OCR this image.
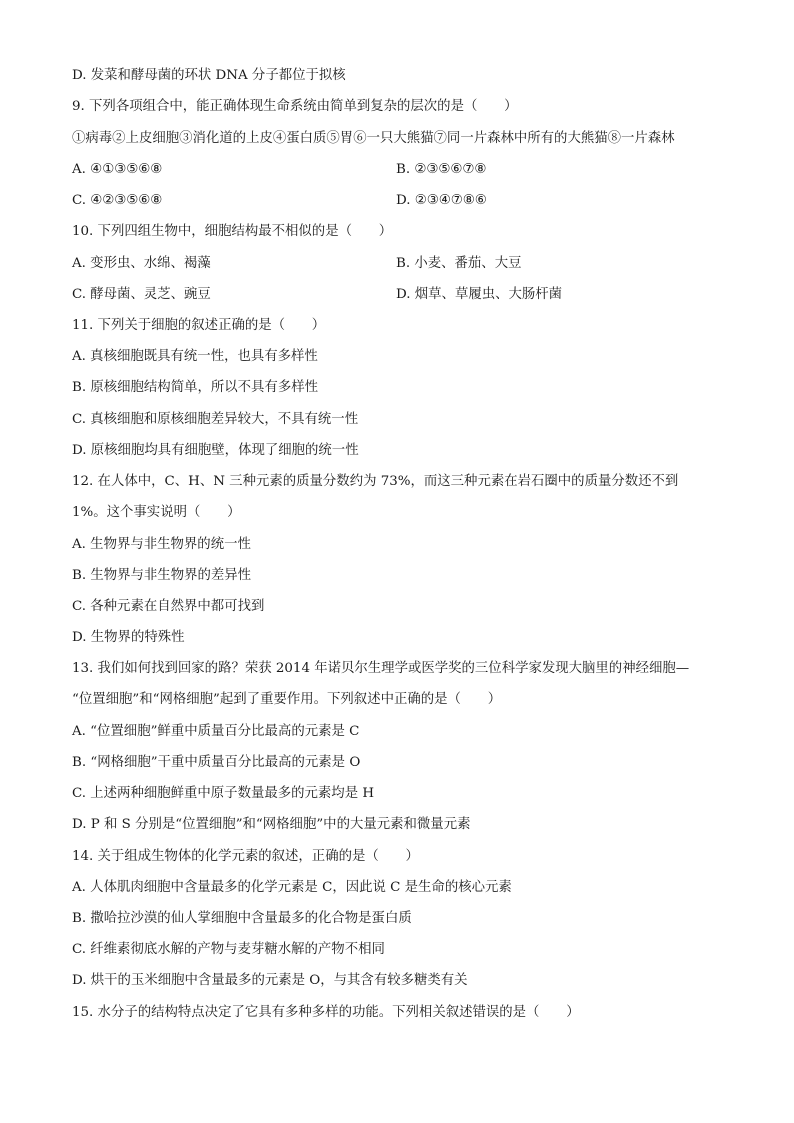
D. 发菜和酵母菌的环状 DNA 分子都位于拟核
9. 下列各项组合中，能正确体现生命系统由简单到复杂的层次的是（　　）
①病毒②上皮细胞③消化道的上皮④蛋白质⑤胃⑥一只大熊猫⑦同一片森林中所有的大熊猫⑧一片森林
A. ④①③⑤⑥⑧	B. ②③⑤⑥⑦⑧
C. ④②③⑤⑥⑧	D. ②③④⑦⑧⑥
10. 下列四组生物中，细胞结构最不相似的是（　　）
A. 变形虫、水绵、褐藻	B. 小麦、番茄、大豆
C. 酵母菌、灵芝、豌豆	D. 烟草、草履虫、大肠杆菌
11. 下列关于细胞的叙述正确的是（　　）
A. 真核细胞既具有统一性，也具有多样性
B. 原核细胞结构简单，所以不具有多样性
C. 真核细胞和原核细胞差异较大，不具有统一性
D. 原核细胞均具有细胞壁，体现了细胞的统一性
12. 在人体中，C、H、N 三种元素的质量分数约为 73%，而这三种元素在岩石圈中的质量分数还不到
1%。这个事实说明（　　）
A. 生物界与非生物界的统一性
B. 生物界与非生物界的差异性
C. 各种元素在自然界中都可找到
D. 生物界的特殊性
13. 我们如何找到回家的路？荣获 2014 年诺贝尔生理学或医学奖的三位科学家发现大脑里的神经细胞—
“位置细胞”和“网格细胞”起到了重要作用。下列叙述中正确的是（　　）
A. “位置细胞”鲜重中质量百分比最高的元素是 C
B. “网格细胞”干重中质量百分比最高的元素是 O
C. 上述两种细胞鲜重中原子数量最多的元素均是 H
D. P 和 S 分别是“位置细胞”和“网格细胞”中的大量元素和微量元素
14. 关于组成生物体的化学元素的叙述，正确的是（　　）
A. 人体肌肉细胞中含量最多的化学元素是 C，因此说 C 是生命的核心元素
B. 撒哈拉沙漠的仙人掌细胞中含量最多的化合物是蛋白质
C. 纤维素彻底水解的产物与麦芽糖水解的产物不相同
D. 烘干的玉米细胞中含量最多的元素是 O，与其含有较多糖类有关
15. 水分子的结构特点决定了它具有多种多样的功能。下列相关叙述错误的是（　　）
